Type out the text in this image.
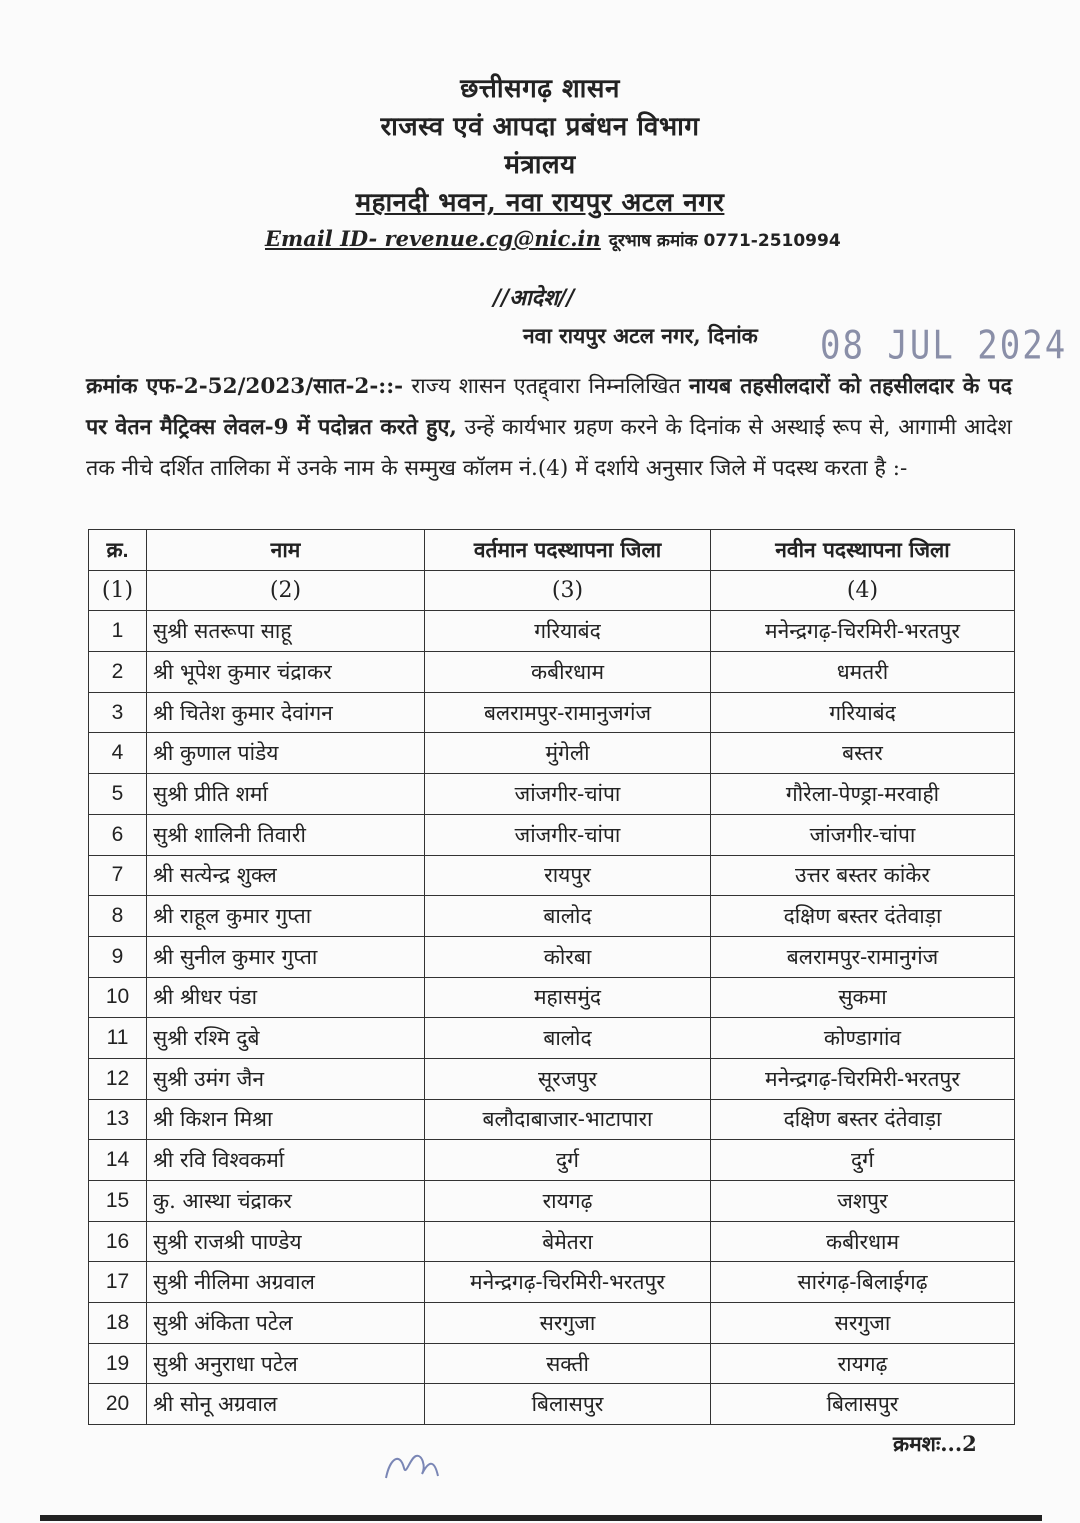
छत्तीसगढ़ शासन
राजस्व एवं आपदा प्रबंधन विभाग
मंत्रालय
महानदी भवन, नवा रायपुर अटल नगर
Email ID- revenue.cg@nic.in दूरभाष क्रमांक 0771-2510994
//आदेश//
नवा रायपुर अटल नगर, दिनांक 08 JUL 2024
क्रमांक एफ-2-52/2023/सात-2-::- राज्य शासन एतद्द्वारा निम्नलिखित नायब तहसीलदारों को तहसीलदार के पद पर वेतन मैट्रिक्स लेवल-9 में पदोन्नत करते हुए, उन्हें कार्यभार ग्रहण करने के दिनांक से अस्थाई रूप से, आगामी आदेश तक नीचे दर्शित तालिका में उनके नाम के सम्मुख कॉलम नं.(4) में दर्शाये अनुसार जिले में पदस्थ करता है :-
क्र.	नाम	वर्तमान पदस्थापना जिला	नवीन पदस्थापना जिला
(1)	(2)	(3)	(4)
1	सुश्री सतरूपा साहू	गरियाबंद	मनेन्द्रगढ़-चिरमिरी-भरतपुर
2	श्री भूपेश कुमार चंद्राकर	कबीरधाम	धमतरी
3	श्री चितेश कुमार देवांगन	बलरामपुर-रामानुजगंज	गरियाबंद
4	श्री कुणाल पांडेय	मुंगेली	बस्तर
5	सुश्री प्रीति शर्मा	जांजगीर-चांपा	गौरेला-पेण्ड्रा-मरवाही
6	सुश्री शालिनी तिवारी	जांजगीर-चांपा	जांजगीर-चांपा
7	श्री सत्येन्द्र शुक्ल	रायपुर	उत्तर बस्तर कांकेर
8	श्री राहूल कुमार गुप्ता	बालोद	दक्षिण बस्तर दंतेवाड़ा
9	श्री सुनील कुमार गुप्ता	कोरबा	बलरामपुर-रामानुगंज
10	श्री श्रीधर पंडा	महासमुंद	सुकमा
11	सुश्री रश्मि दुबे	बालोद	कोण्डागांव
12	सुश्री उमंग जैन	सूरजपुर	मनेन्द्रगढ़-चिरमिरी-भरतपुर
13	श्री किशन मिश्रा	बलौदाबाजार-भाटापारा	दक्षिण बस्तर दंतेवाड़ा
14	श्री रवि विश्वकर्मा	दुर्ग	दुर्ग
15	कु. आस्था चंद्राकर	रायगढ़	जशपुर
16	सुश्री राजश्री पाण्डेय	बेमेतरा	कबीरधाम
17	सुश्री नीलिमा अग्रवाल	मनेन्द्रगढ़-चिरमिरी-भरतपुर	सारंगढ़-बिलाईगढ़
18	सुश्री अंकिता पटेल	सरगुजा	सरगुजा
19	सुश्री अनुराधा पटेल	सक्ती	रायगढ़
20	श्री सोनू अग्रवाल	बिलासपुर	बिलासपुर
क्रमशः...2
